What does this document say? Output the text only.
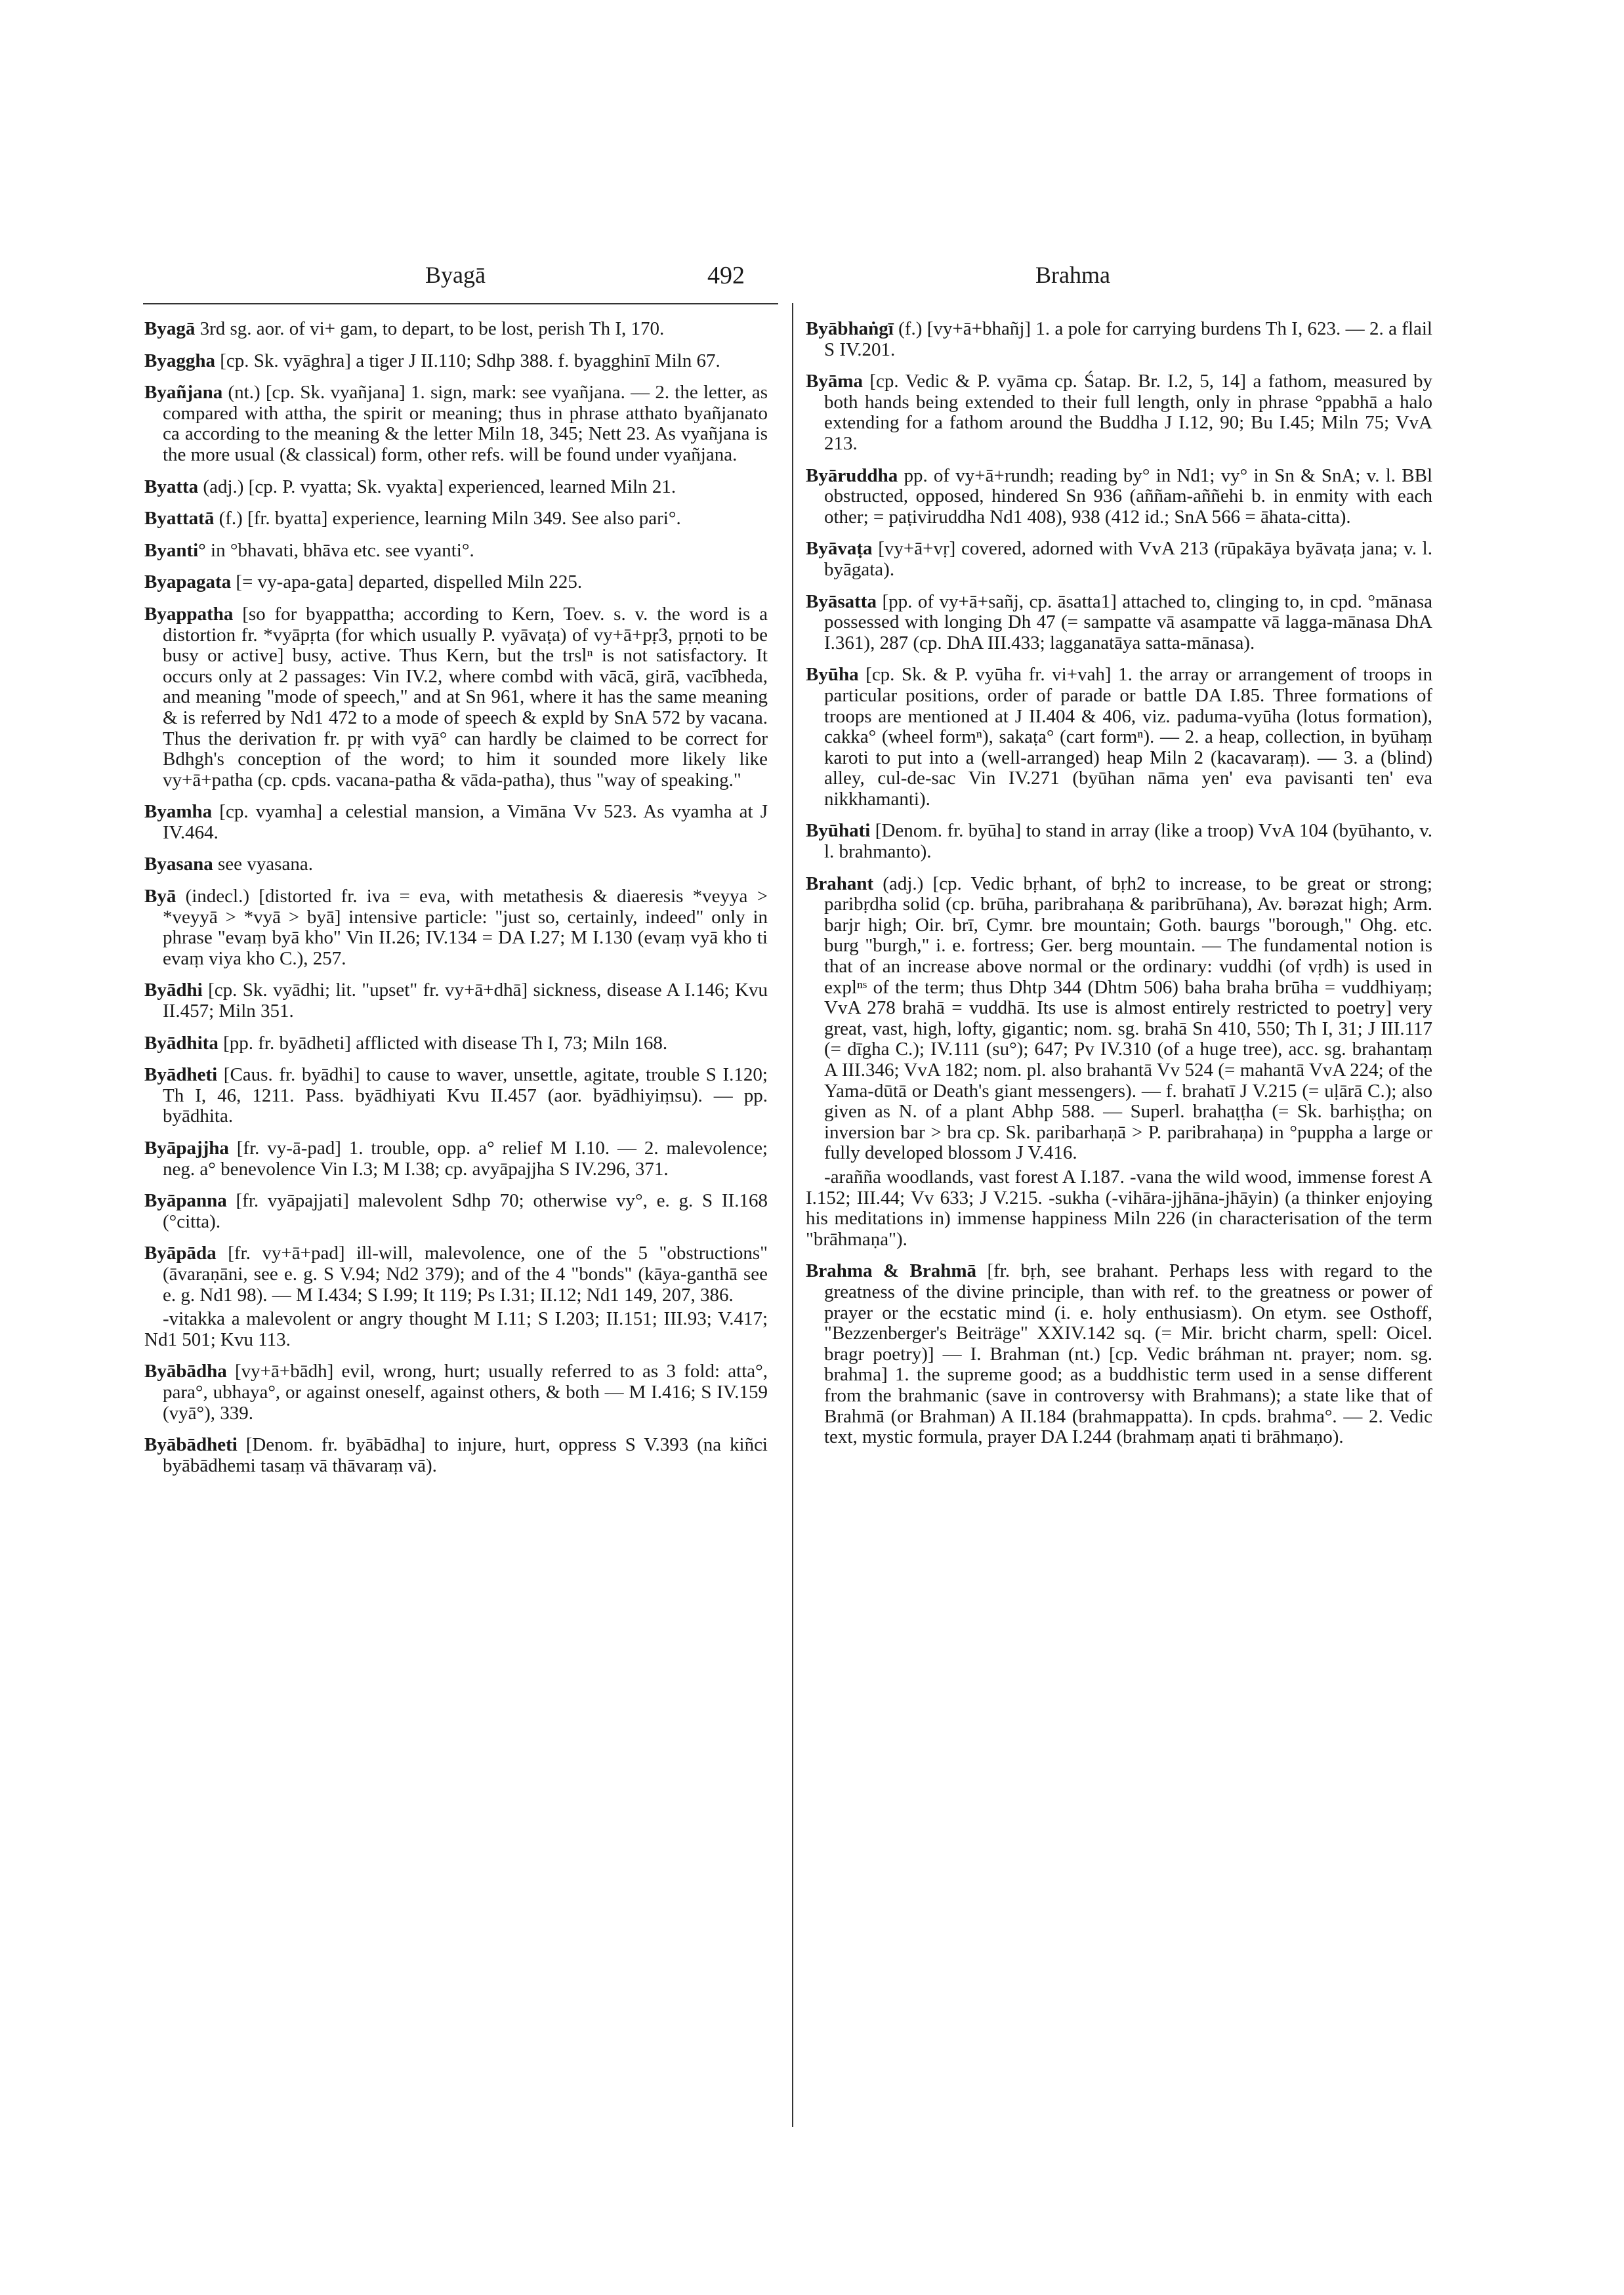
Byagā	492	Brahma

Byagā 3rd sg. aor. of vi+ gam, to depart, to be lost, perish Th I, 170.

Byaggha [cp. Sk. vyāghra] a tiger J II.110; Sdhp 388. f. byagghinī Miln 67.

Byañjana (nt.) [cp. Sk. vyañjana] 1. sign, mark: see vyañjana. — 2. the letter, as compared with attha, the spirit or meaning; thus in phrase atthato byañjanato ca according to the meaning & the letter Miln 18, 345; Nett 23. As vyañjana is the more usual (& classical) form, other refs. will be found under vyañjana.

Byatta (adj.) [cp. P. vyatta; Sk. vyakta] experienced, learned Miln 21.

Byattatā (f.) [fr. byatta] experience, learning Miln 349. See also pari°.

Byanti° in °bhavati, bhāva etc. see vyanti°.

Byapagata [= vy-apa-gata] departed, dispelled Miln 225.

Byappatha [so for byappattha; according to Kern, Toev. s. v. the word is a distortion fr. *vyāpṛta (for which usually P. vyāvaṭa) of vy+ā+pṛ3, pṛṇoti to be busy or active] busy, active. Thus Kern, but the trslⁿ is not satisfactory. It occurs only at 2 passages: Vin IV.2, where combd with vācā, girā, vacībheda, and meaning "mode of speech," and at Sn 961, where it has the same meaning & is referred by Nd1 472 to a mode of speech & expld by SnA 572 by vacana. Thus the derivation fr. pṛ with vyā° can hardly be claimed to be correct for Bdhgh's conception of the word; to him it sounded more likely like vy+ā+patha (cp. cpds. vacana-patha & vāda-patha), thus "way of speaking."

Byamha [cp. vyamha] a celestial mansion, a Vimāna Vv 523. As vyamha at J IV.464.

Byasana see vyasana.

Byā (indecl.) [distorted fr. iva = eva, with metathesis & diaeresis *veyya > *veyyā > *vyā > byā] intensive particle: "just so, certainly, indeed" only in phrase "evaṃ byā kho" Vin II.26; IV.134 = DA I.27; M I.130 (evaṃ vyā kho ti evaṃ viya kho C.), 257.

Byādhi [cp. Sk. vyādhi; lit. "upset" fr. vy+ā+dhā] sickness, disease A I.146; Kvu II.457; Miln 351.

Byādhita [pp. fr. byādheti] afflicted with disease Th I, 73; Miln 168.

Byādheti [Caus. fr. byādhi] to cause to waver, unsettle, agitate, trouble S I.120; Th I, 46, 1211. Pass. byādhiyati Kvu II.457 (aor. byādhiyiṃsu). — pp. byādhita.

Byāpajjha [fr. vy-ā-pad] 1. trouble, opp. a° relief M I.10. — 2. malevolence; neg. a° benevolence Vin I.3; M I.38; cp. avyāpajjha S IV.296, 371.

Byāpanna [fr. vyāpajjati] malevolent Sdhp 70; otherwise vy°, e. g. S II.168 (°citta).

Byāpāda [fr. vy+ā+pad] ill-will, malevolence, one of the 5 "obstructions" (āvaraṇāni, see e. g. S V.94; Nd2 379); and of the 4 "bonds" (kāya-ganthā see e. g. Nd1 98). — M I.434; S I.99; It 119; Ps I.31; II.12; Nd1 149, 207, 386.

-vitakka a malevolent or angry thought M I.11; S I.203; II.151; III.93; V.417; Nd1 501; Kvu 113.

Byābādha [vy+ā+bādh] evil, wrong, hurt; usually referred to as 3 fold: atta°, para°, ubhaya°, or against oneself, against others, & both — M I.416; S IV.159 (vyā°), 339.

Byābādheti [Denom. fr. byābādha] to injure, hurt, oppress S V.393 (na kiñci byābādhemi tasaṃ vā thāvaraṃ vā).

Byābhaṅgī (f.) [vy+ā+bhañj] 1. a pole for carrying burdens Th I, 623. — 2. a flail S IV.201.

Byāma [cp. Vedic & P. vyāma cp. Śatap. Br. I.2, 5, 14] a fathom, measured by both hands being extended to their full length, only in phrase °ppabhā a halo extending for a fathom around the Buddha J I.12, 90; Bu I.45; Miln 75; VvA 213.

Byāruddha pp. of vy+ā+rundh; reading by° in Nd1; vy° in Sn & SnA; v. l. BBl obstructed, opposed, hindered Sn 936 (aññam-aññehi b. in enmity with each other; = paṭiviruddha Nd1 408), 938 (412 id.; SnA 566 = āhata-citta).

Byāvaṭa [vy+ā+vṛ] covered, adorned with VvA 213 (rūpakāya byāvaṭa jana; v. l. byāgata).

Byāsatta [pp. of vy+ā+sañj, cp. āsatta1] attached to, clinging to, in cpd. °mānasa possessed with longing Dh 47 (= sampatte vā asampatte vā lagga-mānasa DhA I.361), 287 (cp. DhA III.433; lagganatāya satta-mānasa).

Byūha [cp. Sk. & P. vyūha fr. vi+vah] 1. the array or arrangement of troops in particular positions, order of parade or battle DA I.85. Three formations of troops are mentioned at J II.404 & 406, viz. paduma-vyūha (lotus formation), cakka° (wheel formⁿ), sakaṭa° (cart formⁿ). — 2. a heap, collection, in byūhaṃ karoti to put into a (well-arranged) heap Miln 2 (kacavaraṃ). — 3. a (blind) alley, cul-de-sac Vin IV.271 (byūhan nāma yen' eva pavisanti ten' eva nikkhamanti).

Byūhati [Denom. fr. byūha] to stand in array (like a troop) VvA 104 (byūhanto, v. l. brahmanto).

Brahant (adj.) [cp. Vedic bṛhant, of bṛh2 to increase, to be great or strong; paribṛdha solid (cp. brūha, paribrahaṇa & paribrūhana), Av. bərəzat high; Arm. barjr high; Oir. brī, Cymr. bre mountain; Goth. baurgs "borough," Ohg. etc. burg "burgh," i. e. fortress; Ger. berg mountain. — The fundamental notion is that of an increase above normal or the ordinary: vuddhi (of vṛdh) is used in explⁿˢ of the term; thus Dhtp 344 (Dhtm 506) baha braha brūha = vuddhiyaṃ; VvA 278 brahā = vuddhā. Its use is almost entirely restricted to poetry] very great, vast, high, lofty, gigantic; nom. sg. brahā Sn 410, 550; Th I, 31; J III.117 (= dīgha C.); IV.111 (su°); 647; Pv IV.310 (of a huge tree), acc. sg. brahantaṃ A III.346; VvA 182; nom. pl. also brahantā Vv 524 (= mahantā VvA 224; of the Yama-dūtā or Death's giant messengers). — f. brahatī J V.215 (= uḷārā C.); also given as N. of a plant Abhp 588. — Superl. brahaṭṭha (= Sk. barhiṣṭha; on inversion bar > bra cp. Sk. paribarhaṇā > P. paribrahaṇa) in °puppha a large or fully developed blossom J V.416.

-arañña woodlands, vast forest A I.187. -vana the wild wood, immense forest A I.152; III.44; Vv 633; J V.215. -sukha (-vihāra-jjhāna-jhāyin) (a thinker enjoying his meditations in) immense happiness Miln 226 (in characterisation of the term "brāhmaṇa").

Brahma & Brahmā [fr. bṛh, see brahant. Perhaps less with regard to the greatness of the divine principle, than with ref. to the greatness or power of prayer or the ecstatic mind (i. e. holy enthusiasm). On etym. see Osthoff, "Bezzenberger's Beiträge" XXIV.142 sq. (= Mir. bricht charm, spell: Oicel. bragr poetry)] — I. Brahman (nt.) [cp. Vedic bráhman nt. prayer; nom. sg. brahma] 1. the supreme good; as a buddhistic term used in a sense different from the brahmanic (save in controversy with Brahmans); a state like that of Brahmā (or Brahman) A II.184 (brahmappatta). In cpds. brahma°. — 2. Vedic text, mystic formula, prayer DA I.244 (brahmaṃ aṇati ti brāhmaṇo).
